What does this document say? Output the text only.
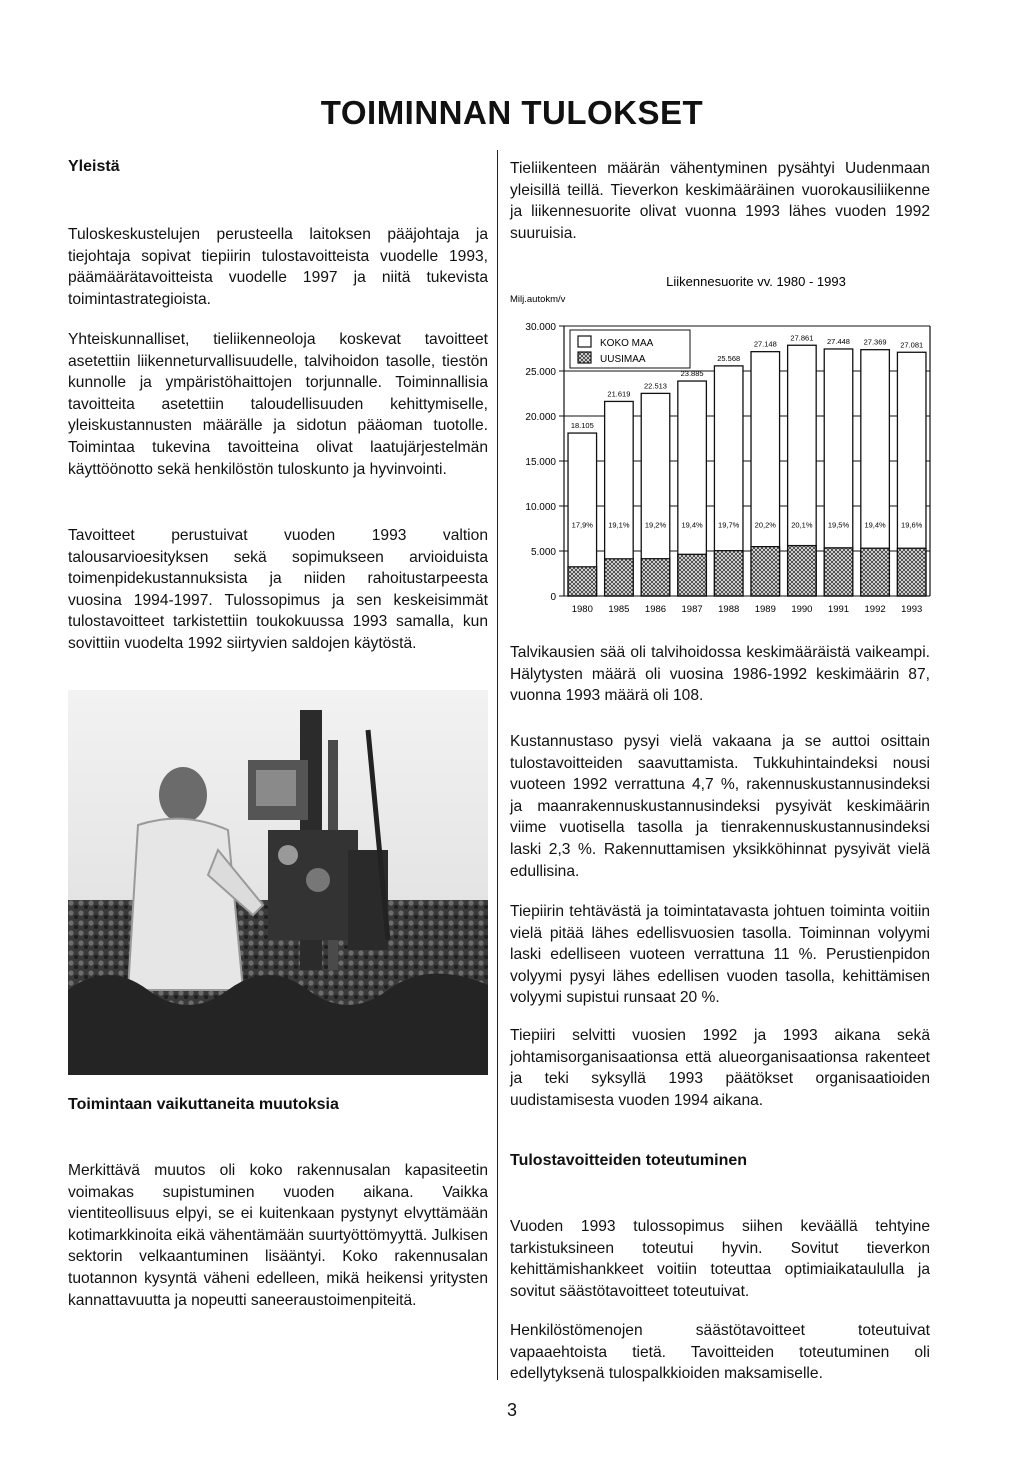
TOIMINNAN TULOKSET

Yleistä

Tuloskeskustelujen perusteella laitoksen pääjohtaja ja tiejohtaja sopivat tiepiirin tulostavoitteista vuodelle 1993, päämäärätavoitteista vuodelle 1997 ja niitä tukevista toimintastrategioista.

Yhteiskunnalliset, tieliikenneoloja koskevat tavoitteet asetettiin liikenneturvallisuudelle, talvihoidon tasolle, tiestön kunnolle ja ympäristöhaittojen torjunnalle. Toiminnallisia tavoitteita asetettiin taloudellisuuden kehittymiselle, yleiskustannusten määrälle ja sidotun pääoman tuotolle. Toimintaa tukevina tavoitteina olivat laatujärjestelmän käyttöönotto sekä henkilöstön tuloskunto ja hyvinvointi.

Tavoitteet perustuivat vuoden 1993 valtion talousarvioesityksen sekä sopimukseen arvioiduista toimenpidekustannuksista ja niiden rahoitustarpeesta vuosina 1994-1997. Tulossopimus ja sen keskeisimmät tulostavoitteet tarkistettiin toukokuussa 1993 samalla, kun sovittiin vuodelta 1992 siirtyvien saldojen käytöstä.

Toimintaan vaikuttaneita muutoksia

Merkittävä muutos oli koko rakennusalan kapasiteetin voimakas supistuminen vuoden aikana. Vaikka vientiteollisuus elpyi, se ei kuitenkaan pystynyt elvyttämään kotimarkkinoita eikä vähentämään suurtyöttömyyttä. Julkisen sektorin velkaantuminen lisääntyi. Koko rakennusalan tuotannon kysyntä väheni edelleen, mikä heikensi yritysten kannattavuutta ja nopeutti saneeraustoimenpiteitä.

Tieliikenteen määrän vähentyminen pysähtyi Uudenmaan yleisillä teillä. Tieverkon keskimääräinen vuorokausiliikenne ja liikennesuorite olivat vuonna 1993 lähes vuoden 1992 suuruisia.

Liikennesuorite vv. 1980 - 1993
Milj.autokm/v
0
5.000
10.000
15.000
20.000
25.000
30.000
18.105
17,9%
1980
21.619
19,1%
1985
22.513
19,2%
1986
23.885
19,4%
1987
25.568
19,7%
1988
27.148
20,2%
1989
27.861
20,1%
1990
27.448
19,5%
1991
27.369
19,4%
1992
27.081
19,6%
1993
KOKO MAA
UUSIMAA

Talvikausien sää oli talvihoidossa keskimääräistä vaikeampi. Hälytysten määrä oli vuosina 1986-1992 keskimäärin 87, vuonna 1993 määrä oli 108.

Kustannustaso pysyi vielä vakaana ja se auttoi osittain tulostavoitteiden saavuttamista. Tukkuhintaindeksi nousi vuoteen 1992 verrattuna 4,7 %, rakennuskustannusindeksi ja maanrakennuskustannusindeksi pysyivät keskimäärin viime vuotisella tasolla ja tienrakennuskustannusindeksi laski 2,3 %. Rakennuttamisen yksikköhinnat pysyivät vielä edullisina.

Tiepiirin tehtävästä ja toimintatavasta johtuen toiminta voitiin vielä pitää lähes edellisvuosien tasolla. Toiminnan volyymi laski edelliseen vuoteen verrattuna 11 %. Perustienpidon volyymi pysyi lähes edellisen vuoden tasolla, kehittämisen volyymi supistui runsaat 20 %.

Tiepiiri selvitti vuosien 1992 ja 1993 aikana sekä johtamisorganisaationsa että alueorganisaationsa rakenteet ja teki syksyllä 1993 päätökset organisaatioiden uudistamisesta vuoden 1994 aikana.

Tulostavoitteiden toteutuminen

Vuoden 1993 tulossopimus siihen keväällä tehtyine tarkistuksineen toteutui hyvin. Sovitut tieverkon kehittämishankkeet voitiin toteuttaa optimiaikataululla ja sovitut säästötavoitteet toteutuivat.

Henkilöstömenojen säästötavoitteet toteutuivat vapaaehtoista tietä. Tavoitteiden toteutuminen oli edellytyksenä tulospalkkioiden maksamiselle.

3
